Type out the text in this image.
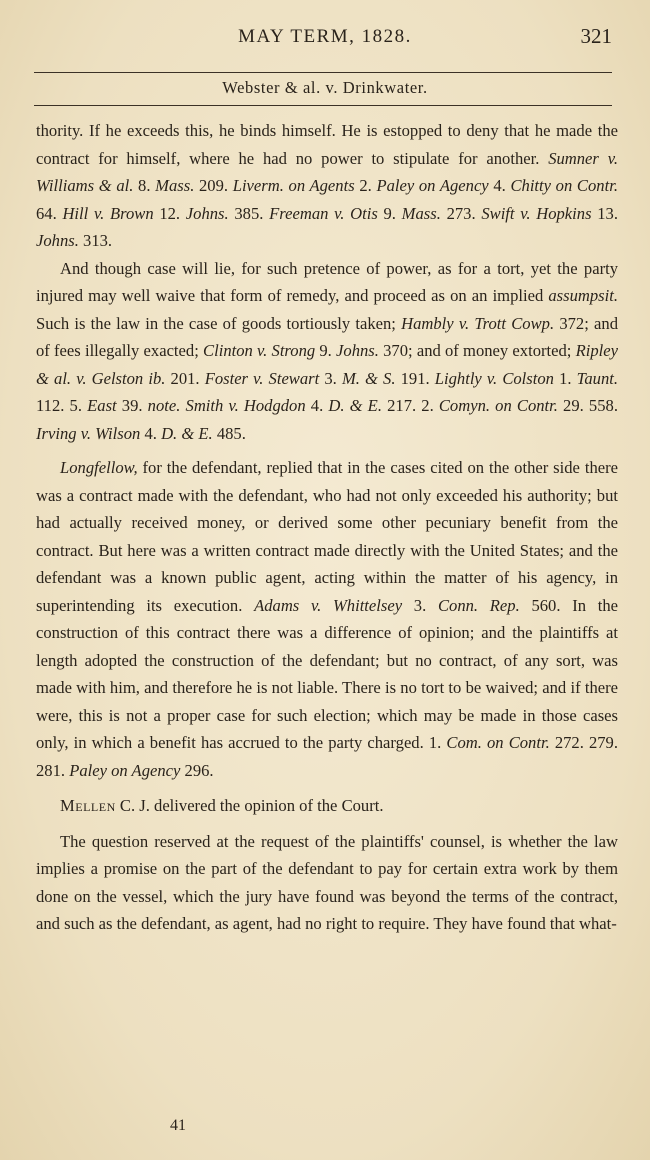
MAY TERM, 1828.	321
Webster & al. v. Drinkwater.

thority. If he exceeds this, he binds himself. He is estopped to deny that he made the contract for himself, where he had no power to stipulate for another. Sumner v. Williams & al. 8. Mass. 209. Liverm. on Agents 2. Paley on Agency 4. Chitty on Contr. 64. Hill v. Brown 12. Johns. 385. Freeman v. Otis 9. Mass. 273. Swift v. Hopkins 13. Johns. 313.

And though case will lie, for such pretence of power, as for a tort, yet the party injured may well waive that form of remedy, and proceed as on an implied assumpsit. Such is the law in the case of goods tortiously taken; Hambly v. Trott Cowp. 372; and of fees illegally exacted; Clinton v. Strong 9. Johns. 370; and of money extorted; Ripley & al. v. Gelston ib. 201. Foster v. Stewart 3. M. & S. 191. Lightly v. Colston 1. Taunt. 112. 5. East 39. note. Smith v. Hodgdon 4. D. & E. 217. 2. Comyn. on Contr. 29. 558. Irving v. Wilson 4. D. & E. 485.

Longfellow, for the defendant, replied that in the cases cited on the other side there was a contract made with the defendant, who had not only exceeded his authority; but had actually received money, or derived some other pecuniary benefit from the contract. But here was a written contract made directly with the United States; and the defendant was a known public agent, acting within the matter of his agency, in superintending its execution. Adams v. Whittelsey 3. Conn. Rep. 560. In the construction of this contract there was a difference of opinion; and the plaintiffs at length adopted the construction of the defendant; but no contract, of any sort, was made with him, and therefore he is not liable. There is no tort to be waived; and if there were, this is not a proper case for such election; which may be made in those cases only, in which a benefit has accrued to the party charged. 1. Com. on Contr. 272. 279. 281. Paley on Agency 296.

Mellen C. J. delivered the opinion of the Court.

The question reserved at the request of the plaintiffs' counsel, is whether the law implies a promise on the part of the defendant to pay for certain extra work by them done on the vessel, which the jury have found was beyond the terms of the contract, and such as the defendant, as agent, had no right to require. They have found that what-

41
